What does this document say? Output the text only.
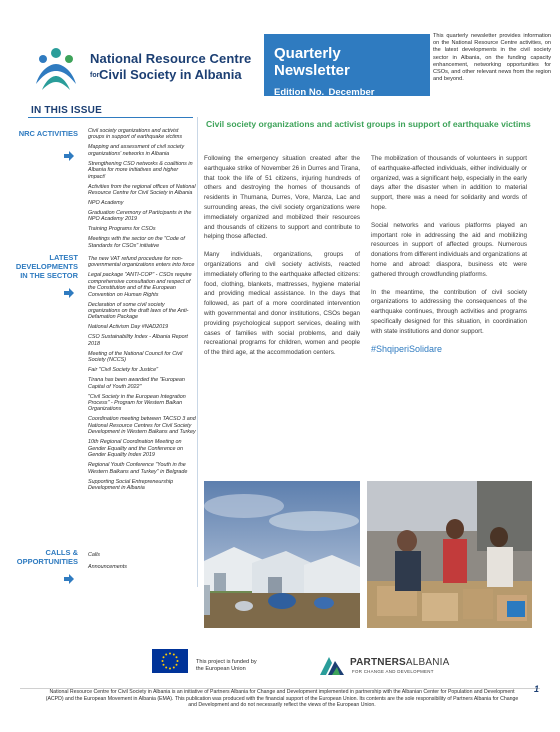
National Resource Centre
forCivil Society in Albania
Quarterly Newsletter
Edition No. 3
December 2019
This quarterly newsletter provides information on the National Resource Centre activities, on the latest developments in the civil society sector in Albania, on the funding capacity enhancement, networking opportunities for CSOs, and other relevant news from the region and beyond.
IN THIS ISSUE
NRC ACTIVITIES Civil society organizations and activist groups in support of earthquake victims
Mapping and assessment of civil society organizations' networks in Albania
Strengthening CSO networks & coalitions in Albania for more initiatives and higher impact!
Activities from the regional offices of National Resource Centre for Civil Society in Albania
NPO Academy
Graduation Ceremony of Participants in the NPO Academy 2019
Training Programs for CSOs
Meetings with the sector on the "Code of Standards for CSOs" initiative
LATEST
DEVELOPMENTS
IN THE SECTOR
The new VAT refund procedure for non-governmental organizations enters into force
Legal package "ANTI-COP" - CSOs require comprehensive consultation and respect of the Constitution and of the European Convention on Human Rights
Declaration of some civil society organizations on the draft laws of the Anti-Defamation Package
National Activism Day #NAD2019
CSO Sustainability Index - Albania Report 2018
Meeting of the National Council for Civil Society (NCCS)
Fair "Civil Society for Justice"
Tirana has been awarded the "European Capital of Youth 2022"
"Civil Society in the European Integration Process" - Program for Western Balkan Organizations
Coordination meeting between TACSO 3 and National Resource Centres for Civil Society Development in Western Balkans and Turkey
10th Regional Coordination Meeting on Gender Equality and the Conference on Gender Equality Index 2019
Regional Youth Conference "Youth in the Western Balkans and Turkey" in Belgrade
Supporting Social Entrepreneurship Development in Albania
CALLS &
OPPORTUNITIES
Calls
Announcements
Civil society organizations and activist groups in support of earthquake victims

Following the emergency situation created after the earthquake strike of November 26 in Durres and Tirana, that took the life of 51 citizens, injuring hundreds of others and destroying the homes of thousands of residents in Thumana, Durres, Vore, Manza, Lac and surrounding areas, the civil society organizations were immediately organized and mobilized their resources and thousands of citizens to support and contribute to helping those affected.

Many individuals, organizations, groups of organizations and civil society activists, reacted immediately offering to the earthquake affected citizens: food, clothing, blankets, mattresses, hygiene material and providing medical assistance. In the days that followed, as part of a more coordinated intervention with governmental and donor institutions, CSOs began providing psychological support services, dealing with cases of families with social problems, and daily recreational programs for children, women and people of the third age, at the accommodation centers.

The mobilization of thousands of volunteers in support of earthquake-affected individuals, either individually or organized, was a significant help, especially in the early days after the disaster when in addition to material support, there was a need for solidarity and words of hope.

Social networks and various platforms played an important role in addressing the aid and mobilizing resources in support of affected groups. Numerous donations from different individuals and organizations at home and abroad: diaspora, business etc were gathered through crowdfunding platforms.

In the meantime, the contribution of civil society organizations to addressing the consequences of the earthquake continues, through activities and programs specifically designed for this situation, in coordination with state institutions and donor support.

#ShqiperiSolidare
This project is funded by
the European Union
PARTNERSALBANIA
FOR CHANGE AND DEVELOPMENT
National Resource Centre for Civil Society in Albania is an initiative of Partners Albania for Change and Development implemented in partnership with the Albanian Center for Population and Development (ACPD) and the European Movement in Albania (EMA). This publication was produced with the financial support of the European Union. Its contents are the sole responsibility of Partners Albania for Change and Development and do not necessarily reflect the views of the European Union.
1
